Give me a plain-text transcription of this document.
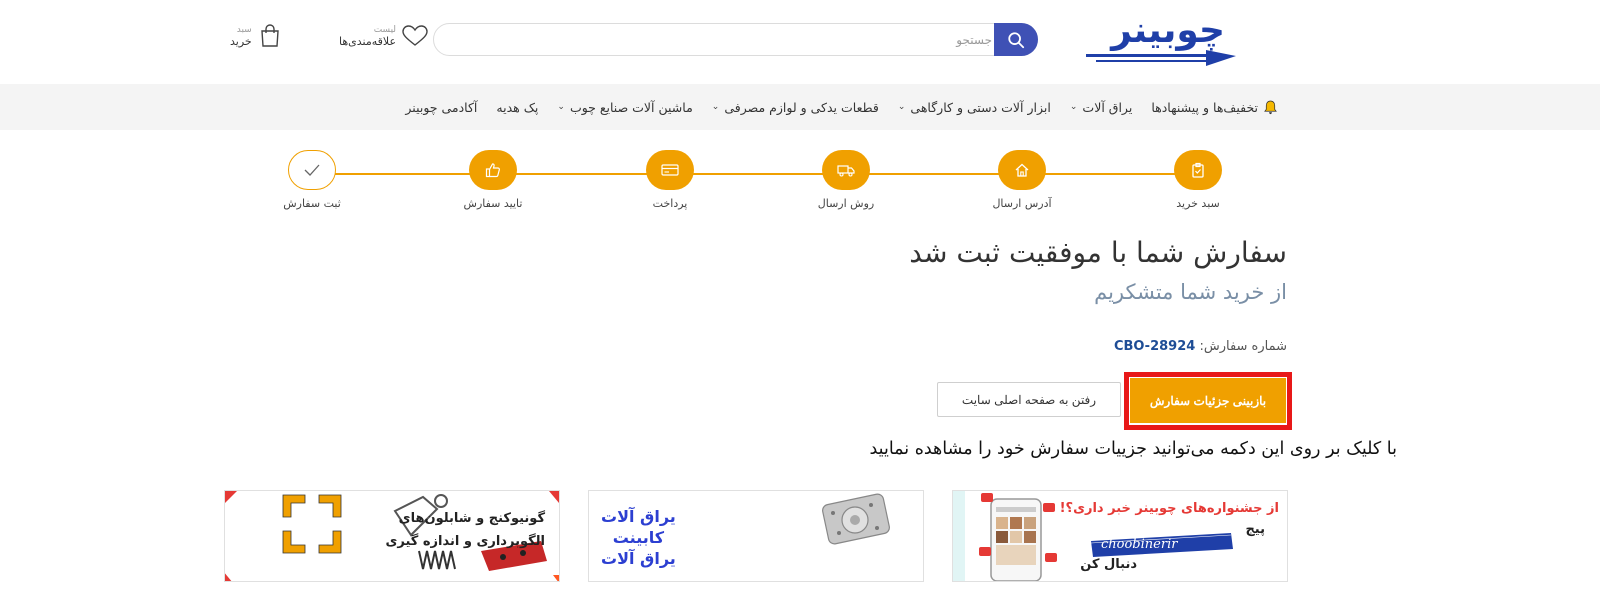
چوبینر
جستجو
لیست
علاقه‌مندی‌ها
سبد
خرید
تخفیف‌ها و پیشنهادها
یراق آلات
⌄
ابزار آلات دستی و کارگاهی
⌄
قطعات یدکی و لوازم مصرفی
⌄
ماشین آلات صنایع چوب
⌄
پک هدیه
آکادمی چوبینر
سبد خرید
آدرس ارسال
روش ارسال
پرداخت
تایید سفارش
ثبت سفارش
سفارش شما با موفقیت ثبت شد
از خرید شما متشکریم
شماره سفارش: CBO-28924
بازبینی جزئیات سفارش
رفتن به صفحه اصلی سایت
با کلیک بر روی این دکمه می‌توانید جزییات سفارش خود را مشاهده نمایید
از جشنواره‌های چوبینر خبر داری؟!
پیج
choobinerir
دنبال کن
یراق آلات
کابینت
یراق آلات
گونیوکنج و شابلون‌های
الگوبرداری و اندازه گیری
